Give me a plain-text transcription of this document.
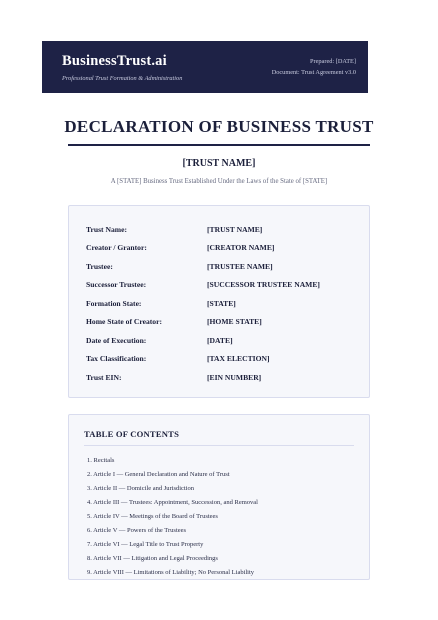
BusinessTrust.ai
Professional Trust Formation & Administration
Prepared: [DATE]
Document: Trust Agreement v3.0
DECLARATION OF BUSINESS TRUST
[TRUST NAME]
A [STATE] Business Trust Established Under the Laws of the State of [STATE]
Trust Name:	[TRUST NAME]
Creator / Grantor:	[CREATOR NAME]
Trustee:	[TRUSTEE NAME]
Successor Trustee:	[SUCCESSOR TRUSTEE NAME]
Formation State:	[STATE]
Home State of Creator:	[HOME STATE]
Date of Execution:	[DATE]
Tax Classification:	[TAX ELECTION]
Trust EIN:	[EIN NUMBER]
TABLE OF CONTENTS
1. Recitals
2. Article I — General Declaration and Nature of Trust
3. Article II — Domicile and Jurisdiction
4. Article III — Trustees: Appointment, Succession, and Removal
5. Article IV — Meetings of the Board of Trustees
6. Article V — Powers of the Trustees
7. Article VI — Legal Title to Trust Property
8. Article VII — Litigation and Legal Proceedings
9. Article VIII — Limitations of Liability; No Personal Liability
